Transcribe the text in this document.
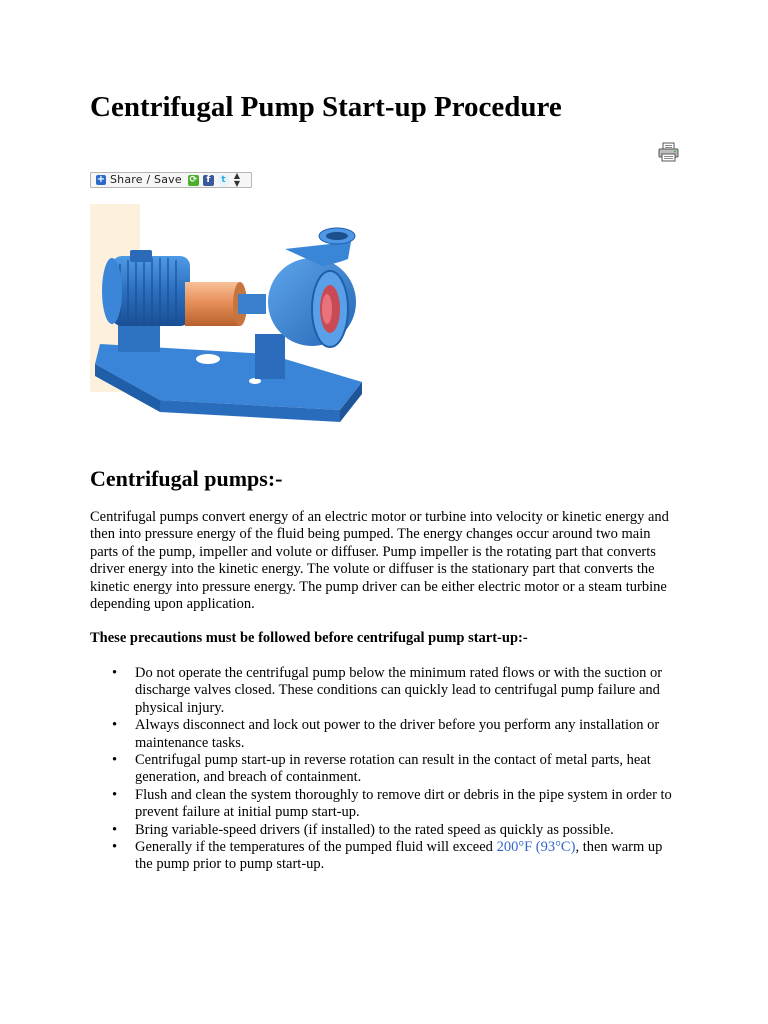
Centrifugal Pump Start-up Procedure
+ Share / Save ⟳	f	t	▲
▼
Centrifugal pumps:-

Centrifugal pumps convert energy of an electric motor or turbine into velocity or kinetic energy and then into pressure energy of the fluid being pumped. The energy changes occur around two main parts of the pump, impeller and volute or diffuser. Pump impeller is the rotating part that converts driver energy into the kinetic energy. The volute or diffuser is the stationary part that converts the kinetic energy into pressure energy. The pump driver can be either electric motor or a steam turbine depending upon application.

These precautions must be followed before centrifugal pump start-up:-

• Do not operate the centrifugal pump below the minimum rated flows or with the suction or discharge valves closed. These conditions can quickly lead to centrifugal pump failure and physical injury.
• Always disconnect and lock out power to the driver before you perform any installation or maintenance tasks.
• Centrifugal pump start-up in reverse rotation can result in the contact of metal parts, heat generation, and breach of containment.
• Flush and clean the system thoroughly to remove dirt or debris in the pipe system in order to prevent failure at initial pump start-up.
• Bring variable-speed drivers (if installed) to the rated speed as quickly as possible.
• Generally if the temperatures of the pumped fluid will exceed 200°F (93°C), then warm up the pump prior to pump start-up.
